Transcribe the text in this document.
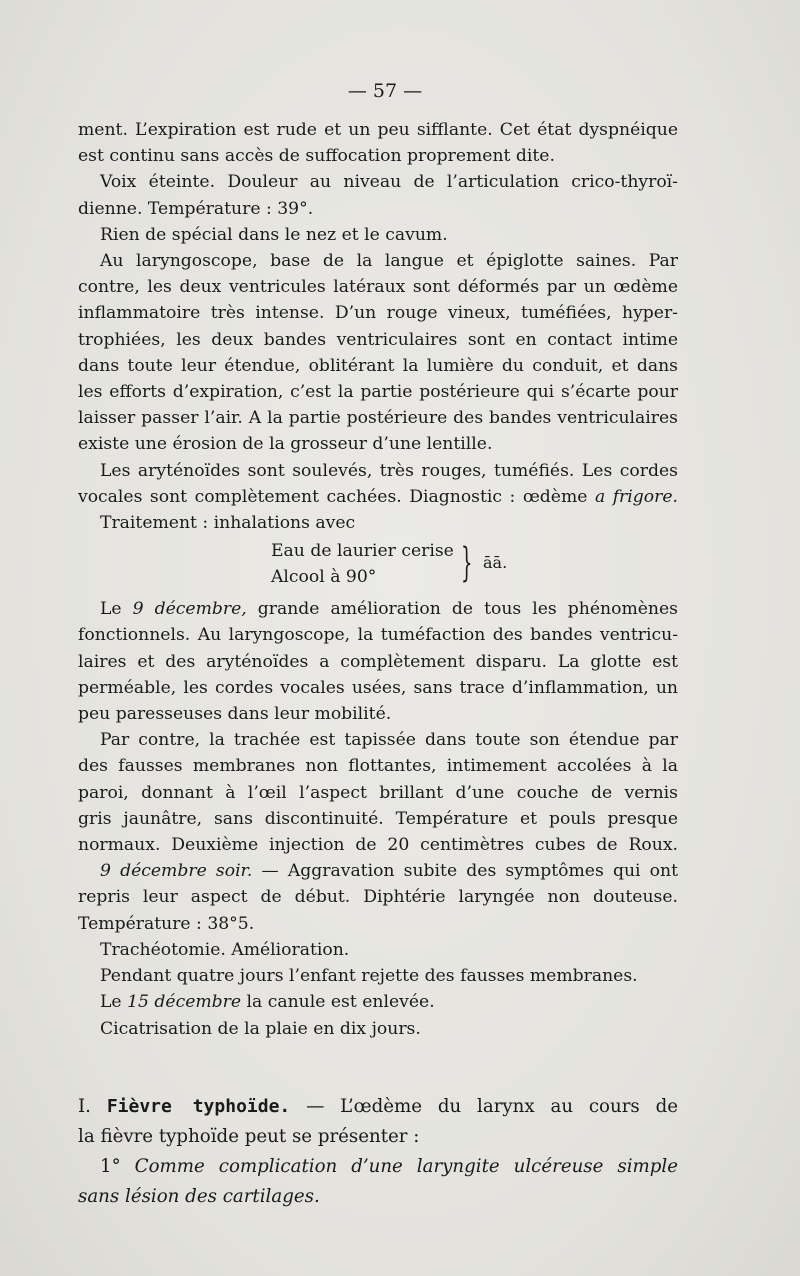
— 57 —
ment. L’expiration est rude et un peu sifflante. Cet état dyspnéique
est continu sans accès de suffocation proprement dite.
Voix éteinte. Douleur au niveau de l’articulation crico-thyroï-
dienne. Température : 39°.
Rien de spécial dans le nez et le cavum.
Au laryngoscope, base de la langue et épiglotte saines. Par
contre, les deux ventricules latéraux sont déformés par un œdème
inflammatoire très intense. D’un rouge vineux, tuméfiées, hyper-
trophiées, les deux bandes ventriculaires sont en contact intime
dans toute leur étendue, oblitérant la lumière du conduit, et dans
les efforts d’expiration, c’est la partie postérieure qui s’écarte pour
laisser passer l’air. A la partie postérieure des bandes ventriculaires
existe une érosion de la grosseur d’une lentille.
Les aryténoïdes sont soulevés, très rouges, tuméfiés. Les cordes
vocales sont complètement cachées. Diagnostic : œdème a frigore.
Traitement : inhalations avec
Eau de laurier cerise
Alcool à 90° } āā.
Le 9 décembre, grande amélioration de tous les phénomènes
fonctionnels. Au laryngoscope, la tuméfaction des bandes ventricu-
laires et des aryténoïdes a complètement disparu. La glotte est
perméable, les cordes vocales usées, sans trace d’inflammation, un
peu paresseuses dans leur mobilité.
Par contre, la trachée est tapissée dans toute son étendue par
des fausses membranes non flottantes, intimement accolées à la
paroi, donnant à l’œil l’aspect brillant d’une couche de vernis
gris jaunâtre, sans discontinuité. Température et pouls presque
normaux. Deuxième injection de 20 centimètres cubes de Roux.
9 décembre soir. — Aggravation subite des symptômes qui ont
repris leur aspect de début. Diphtérie laryngée non douteuse.
Température : 38°5.
Trachéotomie. Amélioration.
Pendant quatre jours l’enfant rejette des fausses membranes.
Le 15 décembre la canule est enlevée.
Cicatrisation de la plaie en dix jours.
I. Fièvre typhoïde. — L’œdème du larynx au cours de
la fièvre typhoïde peut se présenter :
1° Comme complication d’une laryngite ulcéreuse simple
sans lésion des cartilages.
